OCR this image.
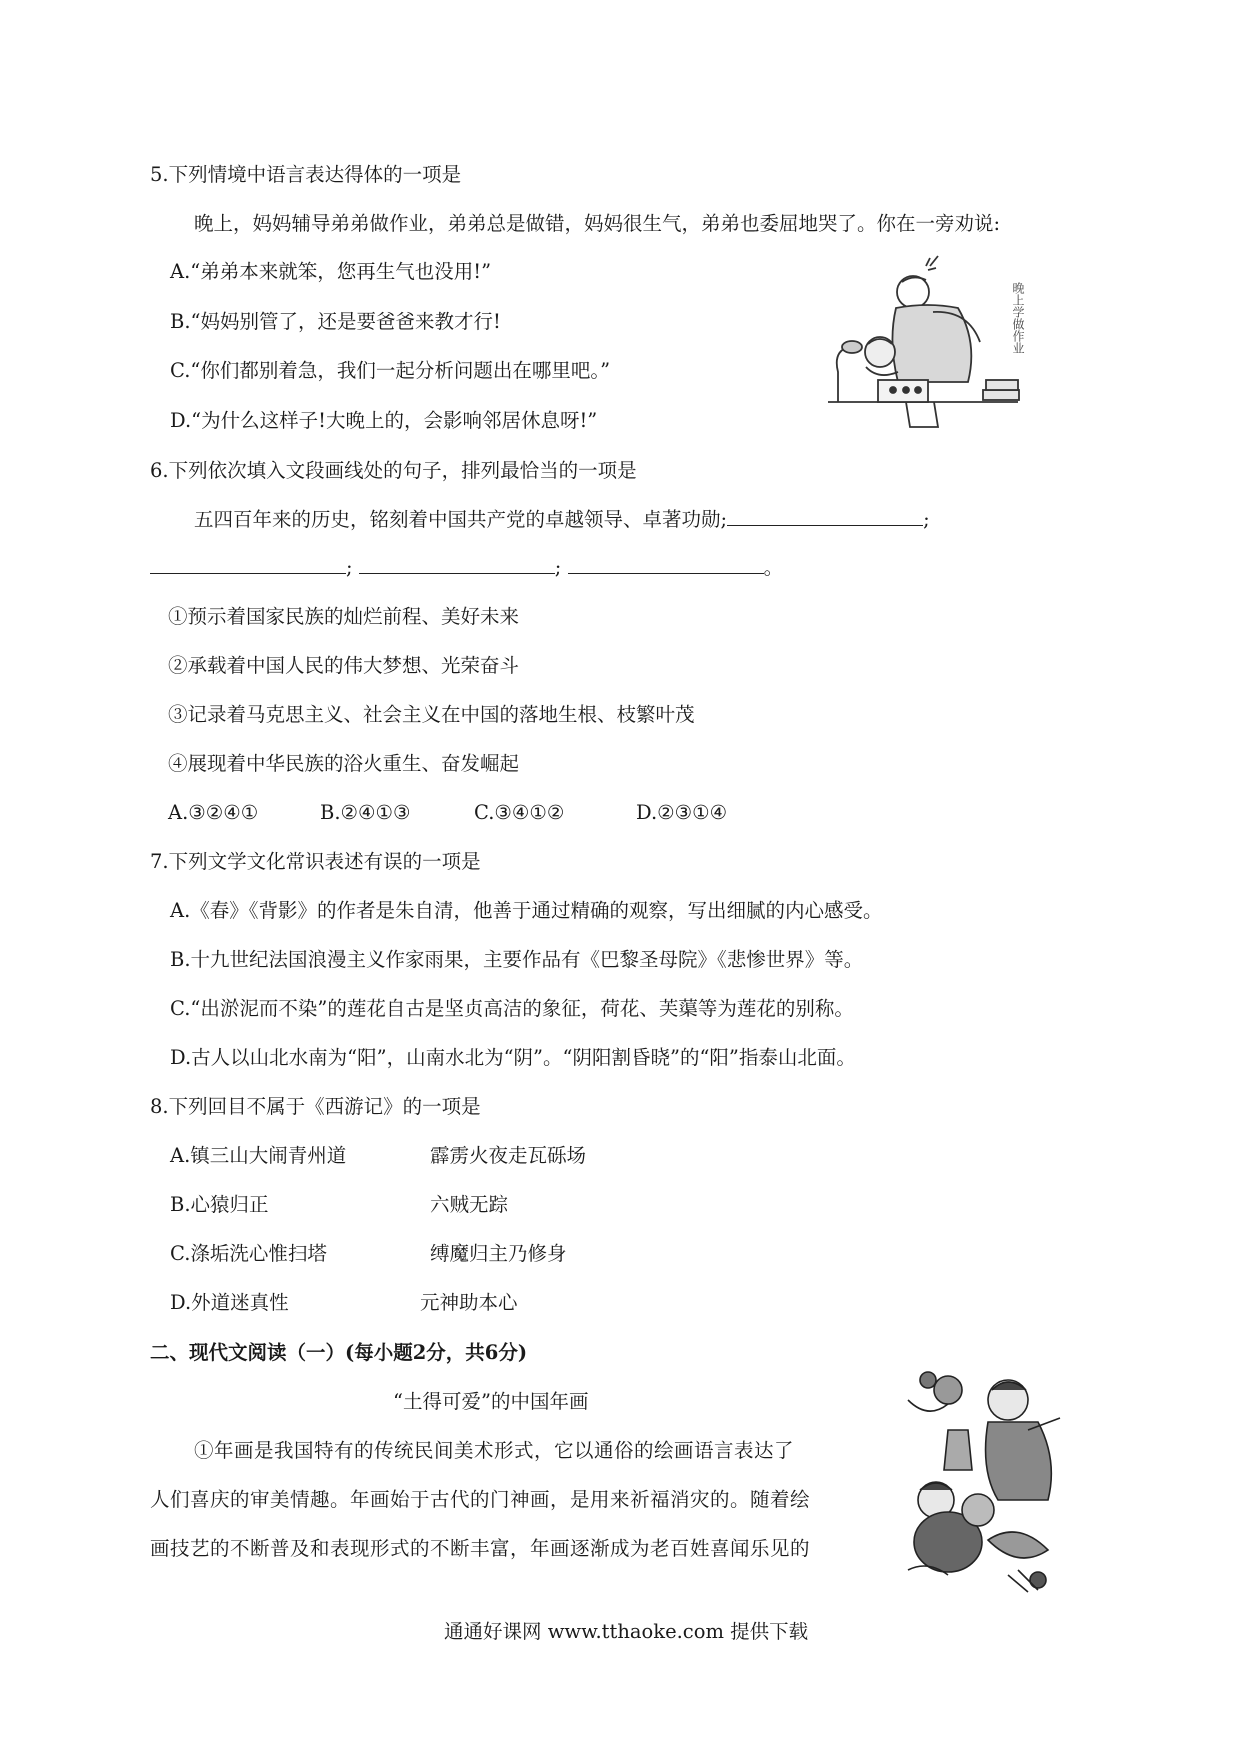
5.下列情境中语言表达得体的一项是
晚上，妈妈辅导弟弟做作业，弟弟总是做错，妈妈很生气，弟弟也委屈地哭了。你在一旁劝说:
A.“弟弟本来就笨，您再生气也没用!”
B.“妈妈别管了，还是要爸爸来教才行!
C.“你们都别着急，我们一起分析问题出在哪里吧。”
D.“为什么这样子!大晚上的，会影响邻居休息呀!”
晚上学做作业
6.下列依次填入文段画线处的句子，排列最恰当的一项是
五四百年来的历史，铭刻着中国共产党的卓越领导、卓著功勋;	;
;	;	。
①预示着国家民族的灿烂前程、美好未来
②承载着中国人民的伟大梦想、光荣奋斗
③记录着马克思主义、社会主义在中国的落地生根、枝繁叶茂
④展现着中华民族的浴火重生、奋发崛起
A.③②④①	B.②④①③	C.③④①②	D.②③①④
7.下列文学文化常识表述有误的一项是
A.《春》《背影》的作者是朱自清，他善于通过精确的观察，写出细腻的内心感受。
B.十九世纪法国浪漫主义作家雨果，主要作品有《巴黎圣母院》《悲惨世界》等。
C.“出淤泥而不染”的莲花自古是坚贞高洁的象征，荷花、芙蕖等为莲花的别称。
D.古人以山北水南为“阳”，山南水北为“阴”。“阴阳割昏晓”的“阳”指泰山北面。
8.下列回目不属于《西游记》的一项是
A.镇三山大闹青州道	霹雳火夜走瓦砾场
B.心猿归正	六贼无踪
C.涤垢洗心惟扫塔	缚魔归主乃修身
D.外道迷真性	元神助本心
二、现代文阅读（一）(每小题2分，共6分)
“土得可爱”的中国年画
①年画是我国特有的传统民间美术形式，它以通俗的绘画语言表达了
人们喜庆的审美情趣。年画始于古代的门神画，是用来祈福消灾的。随着绘
画技艺的不断普及和表现形式的不断丰富，年画逐渐成为老百姓喜闻乐见的
通通好课网 www.tthaoke.com 提供下载
